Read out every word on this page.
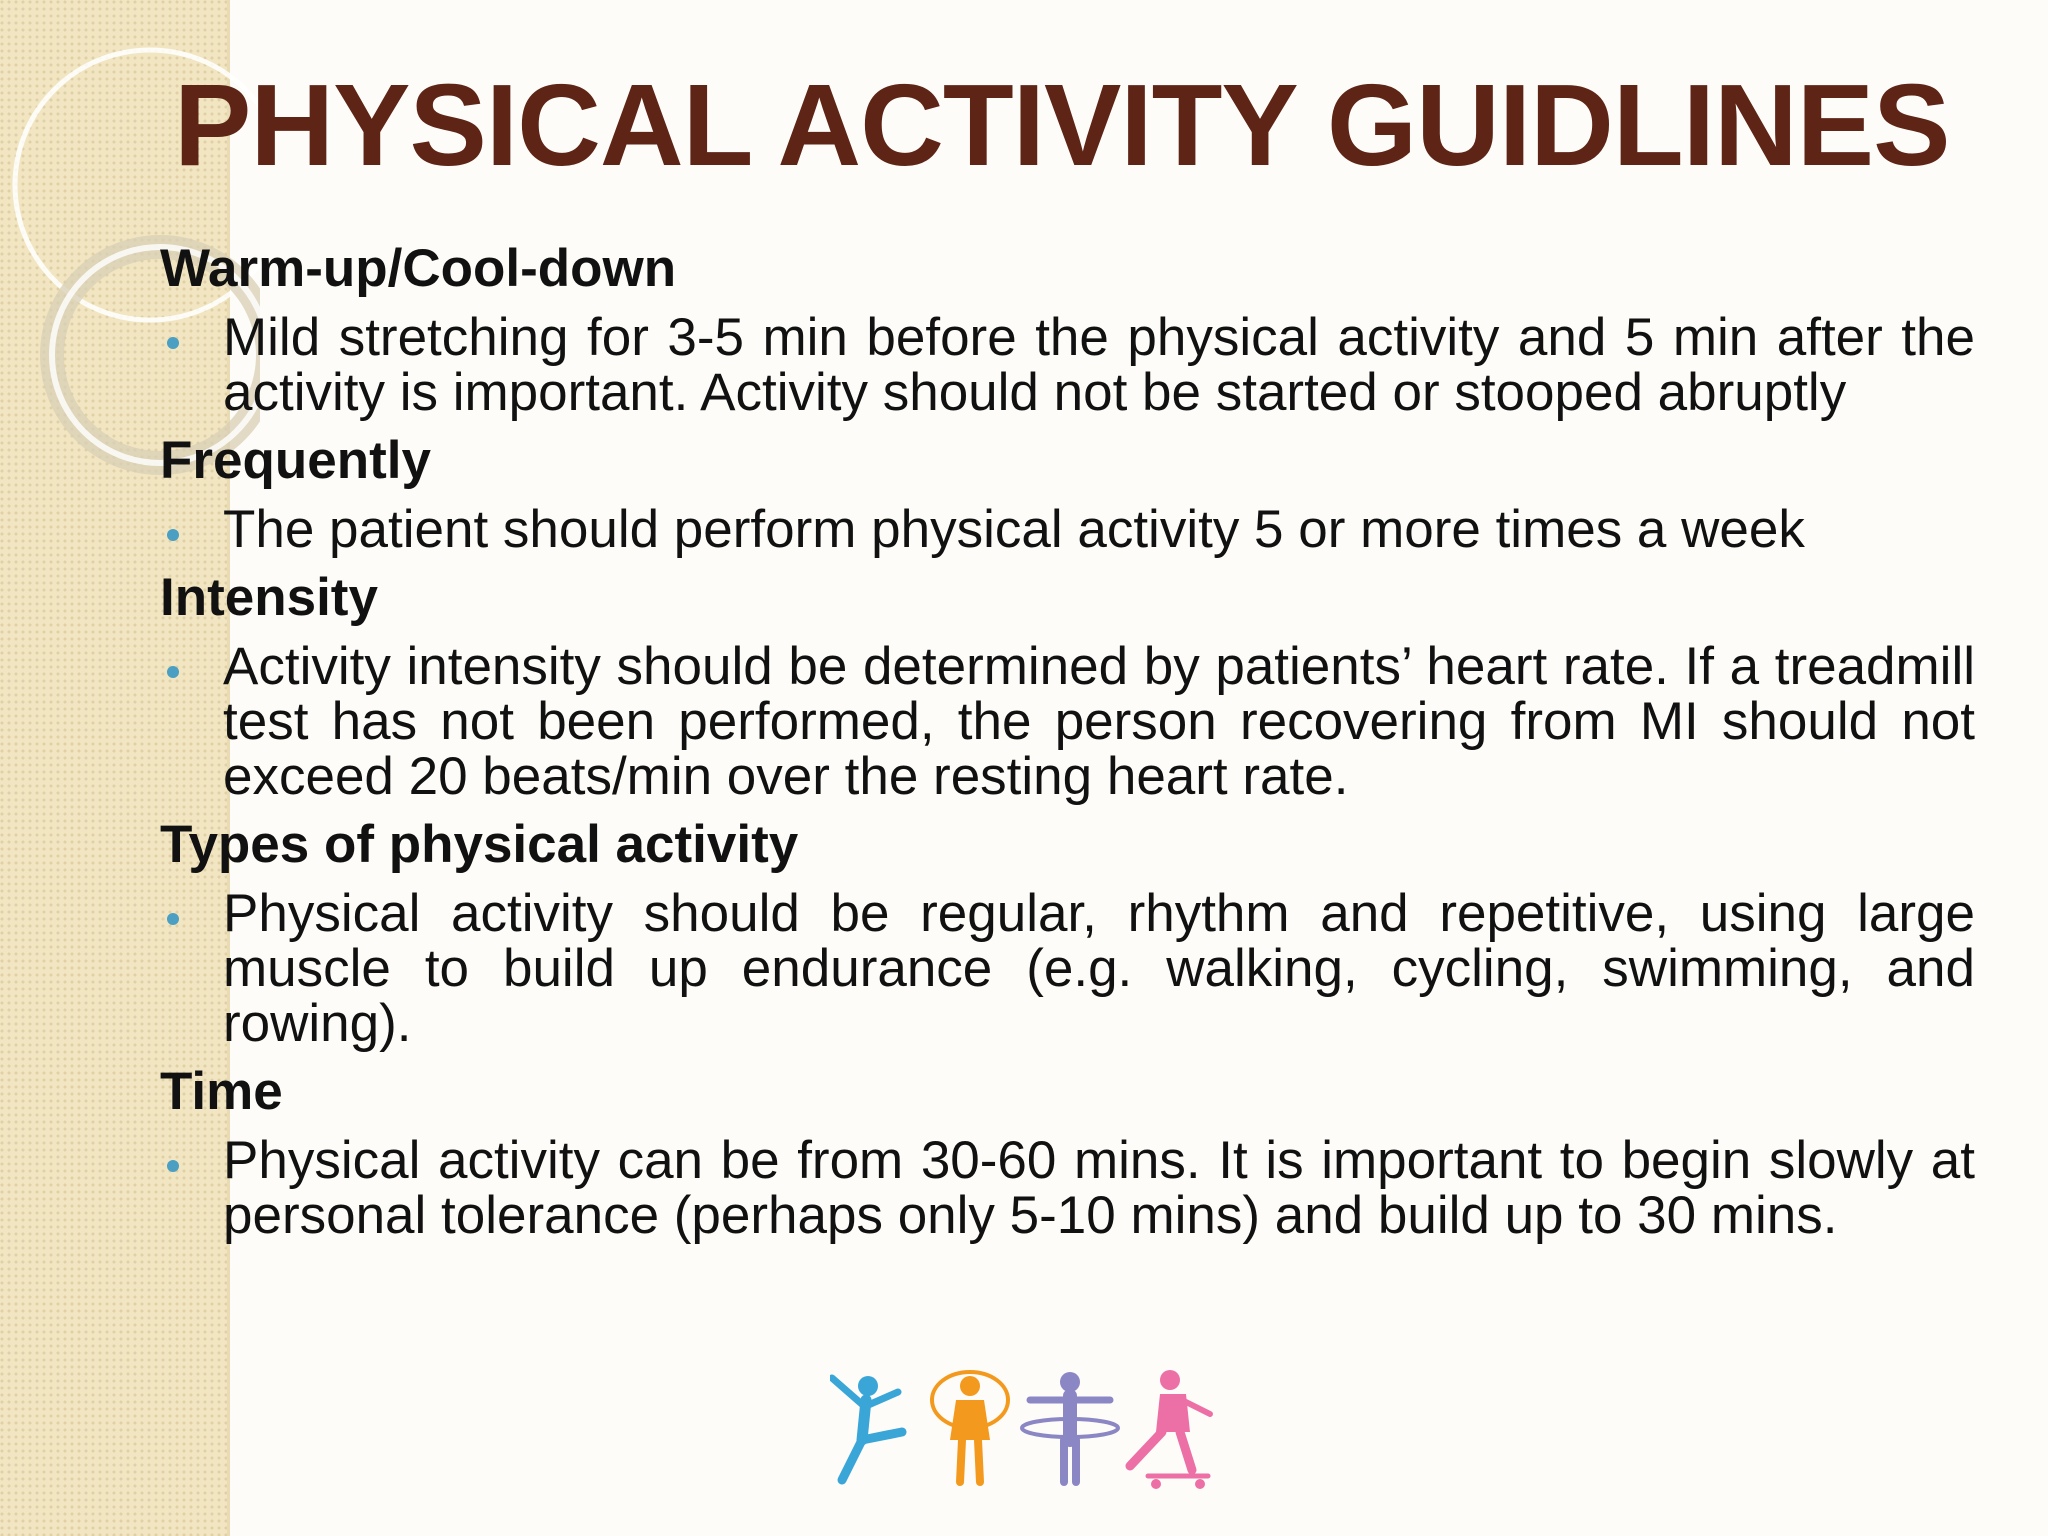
PHYSICAL ACTIVITY GUIDLINES
Warm-up/Cool-down
Mild stretching for 3-5 min before the physical activity and 5 min after the activity is important. Activity should not be started or stooped abruptly
Frequently
The patient should perform physical activity 5 or more times a week
Intensity
Activity intensity should be determined by patients’ heart rate. If a treadmill test has not been performed, the person recovering from MI should not exceed 20 beats/min over the resting heart rate.
Types of physical activity
Physical activity should be regular, rhythm and repetitive, using large muscle to build up endurance (e.g. walking, cycling, swimming, and rowing).
Time
Physical activity can be from 30-60 mins. It is important to begin slowly at personal tolerance (perhaps only 5-10 mins) and build up to 30 mins.
